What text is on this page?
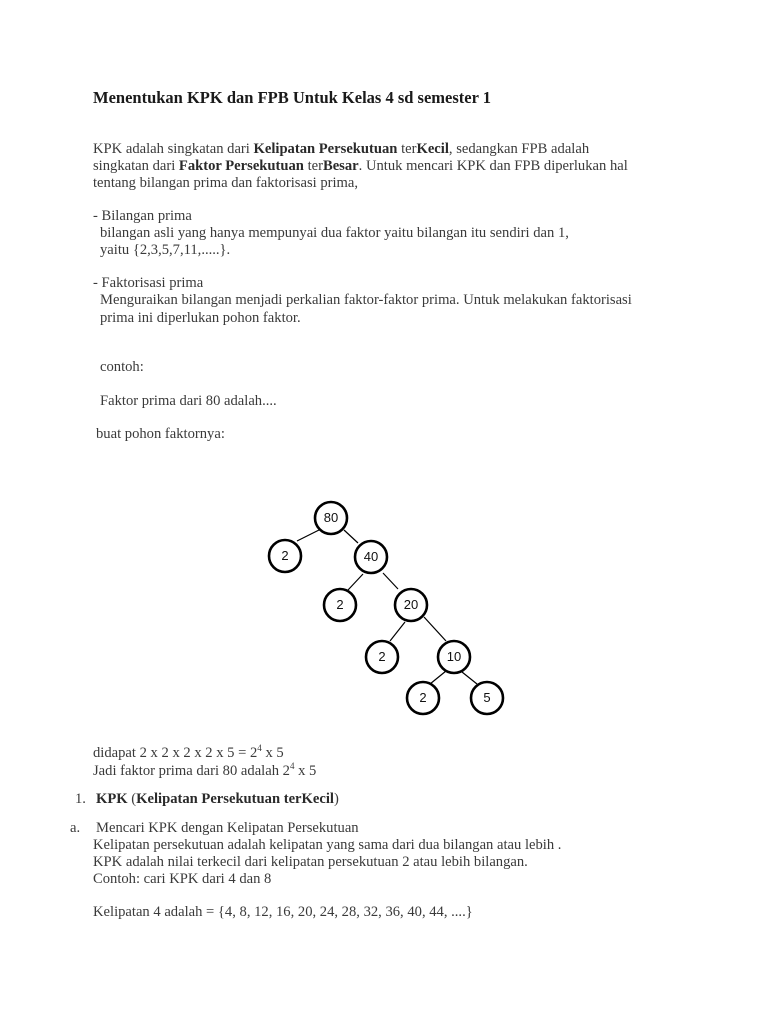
Menentukan KPK dan FPB Untuk Kelas 4 sd semester 1
KPK adalah singkatan dari Kelipatan Persekutuan terKecil, sedangkan FPB adalah
singkatan dari Faktor Persekutuan terBesar. Untuk mencari KPK dan FPB diperlukan hal
tentang bilangan prima dan faktorisasi prima,
- Bilangan prima
bilangan asli yang hanya mempunyai dua faktor yaitu bilangan itu sendiri dan 1,
yaitu {2,3,5,7,11,.....}.
- Faktorisasi prima
Menguraikan bilangan menjadi perkalian faktor-faktor prima. Untuk melakukan faktorisasi
prima ini diperlukan pohon faktor.
contoh:
Faktor prima dari 80 adalah....
buat pohon faktornya:
80
2	40
2	20
2	10
2	5
didapat 2 x 2 x 2 x 2 x $5 = 2^4$ x 5
Jadi faktor prima dari 80 adalah $2^4$ x 5
1. KPK (Kelipatan Persekutuan terKecil)
a. Mencari KPK dengan Kelipatan Persekutuan
Kelipatan persekutuan adalah kelipatan yang sama dari dua bilangan atau lebih .
KPK adalah nilai terkecil dari kelipatan persekutuan 2 atau lebih bilangan.
Contoh: cari KPK dari 4 dan 8
Kelipatan 4 adalah = {4, 8, 12, 16, 20, 24, 28, 32, 36, 40, 44, ....}
